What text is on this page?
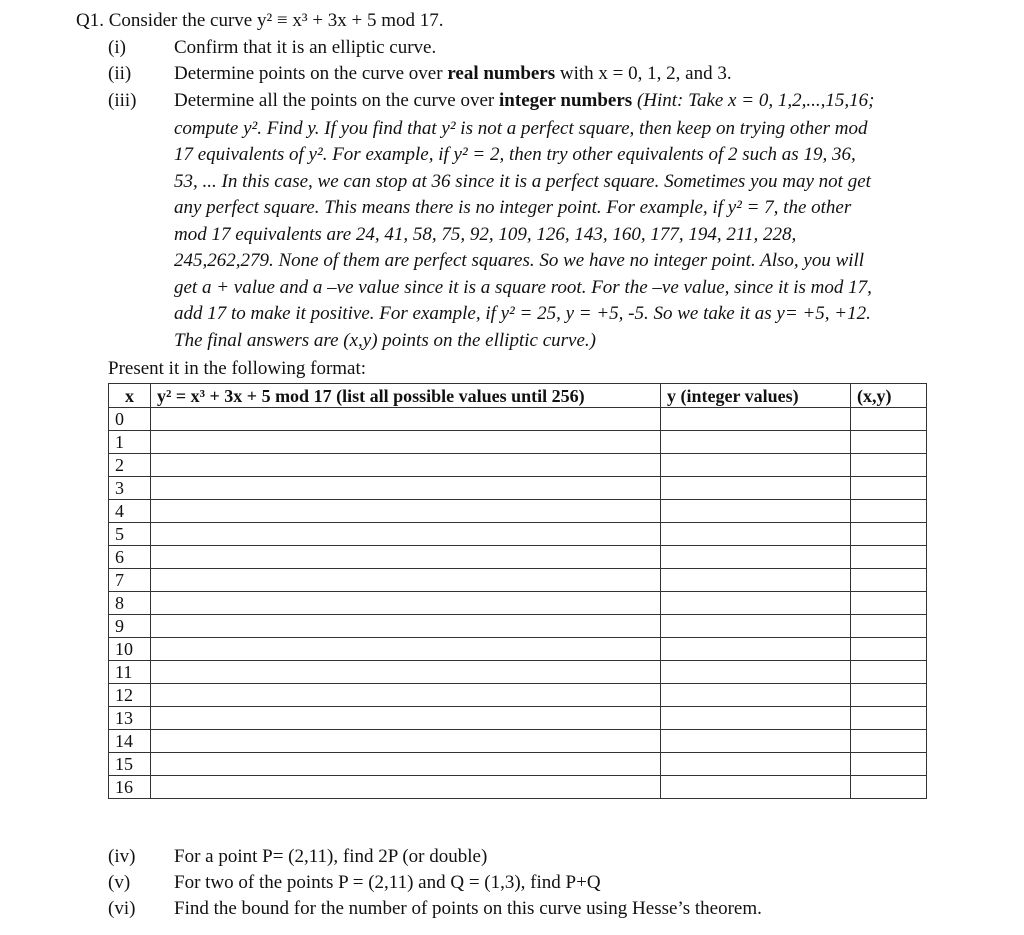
Q1. Consider the curve y² ≡ x³ + 3x + 5 mod 17.
(i)	Confirm that it is an elliptic curve.
(ii)	Determine points on the curve over real numbers with x = 0, 1, 2, and 3.
(iii)	Determine all the points on the curve over integer numbers (Hint: Take x = 0, 1,2,...,15,16;
compute y². Find y. If you find that y² is not a perfect square, then keep on trying other mod
17 equivalents of y². For example, if y² = 2, then try other equivalents of 2 such as 19, 36,
53, ... In this case, we can stop at 36 since it is a perfect square. Sometimes you may not get
any perfect square. This means there is no integer point. For example, if y² = 7, the other
mod 17 equivalents are 24, 41, 58, 75, 92, 109, 126, 143, 160, 177, 194, 211, 228,
245,262,279. None of them are perfect squares. So we have no integer point. Also, you will
get a + value and a –ve value since it is a square root. For the –ve value, since it is mod 17,
add 17 to make it positive. For example, if y² = 25, y = +5, -5. So we take it as y= +5, +12.
The final answers are (x,y) points on the elliptic curve.)
Present it in the following format:
x	y² = x³ + 3x + 5 mod 17 (list all possible values until 256)	y (integer values)	(x,y)
0			
1			
2			
3			
4			
5			
6			
7			
8			
9			
10			
11			
12			
13			
14			
15			
16			
(iv)	For a point P= (2,11), find 2P (or double)
(v)	For two of the points P = (2,11) and Q = (1,3), find P+Q
(vi)	Find the bound for the number of points on this curve using Hesse’s theorem.
